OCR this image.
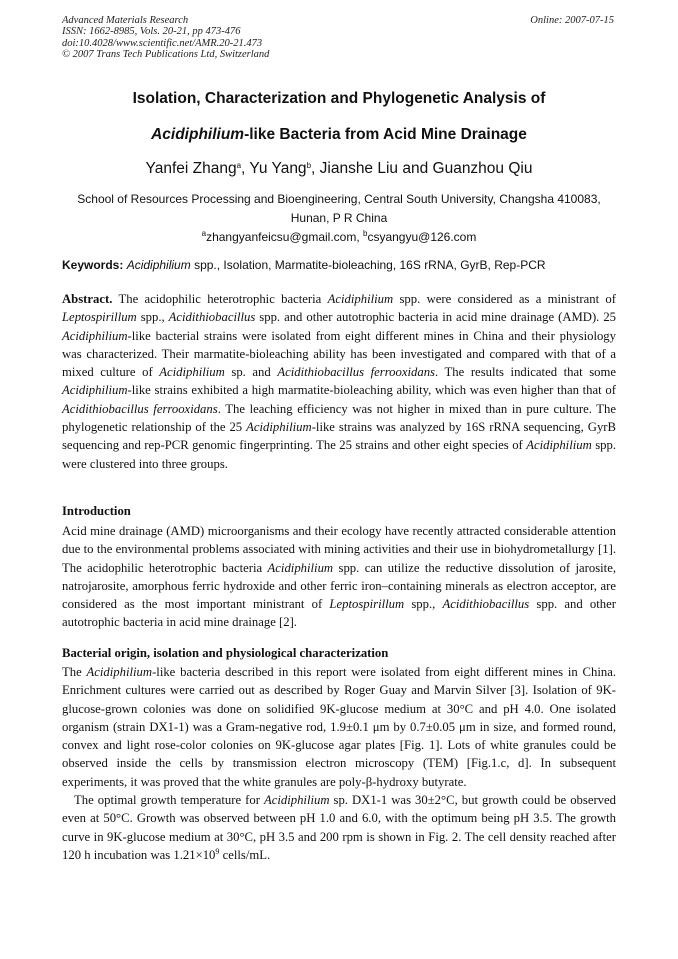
Advanced Materials Research
ISSN: 1662-8985, Vols. 20-21, pp 473-476
doi:10.4028/www.scientific.net/AMR.20-21.473
© 2007 Trans Tech Publications Ltd, Switzerland
Online: 2007-07-15
Isolation, Characterization and Phylogenetic Analysis of
Acidiphilium-like Bacteria from Acid Mine Drainage
Yanfei Zhang$^a$, Yu Yang$^b$, Jianshe Liu and Guanzhou Qiu
School of Resources Processing and Bioengineering, Central South University, Changsha 410083, Hunan, P R China
$^a$zhangyanfeicsu@gmail.com, $^b$csyangyu@126.com
Keywords: Acidiphilium spp., Isolation, Marmatite-bioleaching, 16S rRNA, GyrB, Rep-PCR

Abstract. The acidophilic heterotrophic bacteria Acidiphilium spp. were considered as a ministrant of Leptospirillum spp., Acidithiobacillus spp. and other autotrophic bacteria in acid mine drainage (AMD). 25 Acidiphilium-like bacterial strains were isolated from eight different mines in China and their physiology was characterized. Their marmatite-bioleaching ability has been investigated and compared with that of a mixed culture of Acidiphilium sp. and Acidithiobacillus ferrooxidans. The results indicated that some Acidiphilium-like strains exhibited a high marmatite-bioleaching ability, which was even higher than that of Acidithiobacillus ferrooxidans. The leaching efficiency was not higher in mixed than in pure culture. The phylogenetic relationship of the 25 Acidiphilium-like strains was analyzed by 16S rRNA sequencing, GyrB sequencing and rep-PCR genomic fingerprinting. The 25 strains and other eight species of Acidiphilium spp. were clustered into three groups.

Introduction

Acid mine drainage (AMD) microorganisms and their ecology have recently attracted considerable attention due to the environmental problems associated with mining activities and their use in biohydrometallurgy [1]. The acidophilic heterotrophic bacteria Acidiphilium spp. can utilize the reductive dissolution of jarosite, natrojarosite, amorphous ferric hydroxide and other ferric iron–containing minerals as electron acceptor, are considered as the most important ministrant of Leptospirillum spp., Acidithiobacillus spp. and other autotrophic bacteria in acid mine drainage [2].

Bacterial origin, isolation and physiological characterization

The Acidiphilium-like bacteria described in this report were isolated from eight different mines in China. Enrichment cultures were carried out as described by Roger Guay and Marvin Silver [3]. Isolation of 9K-glucose-grown colonies was done on solidified 9K-glucose medium at 30°C and pH 4.0. One isolated organism (strain DX1-1) was a Gram-negative rod, 1.9±0.1 μm by 0.7±0.05 μm in size, and formed round, convex and light rose-color colonies on 9K-glucose agar plates [Fig. 1]. Lots of white granules could be observed inside the cells by transmission electron microscopy (TEM) [Fig.1.c, d]. In subsequent experiments, it was proved that the white granules are poly-β-hydroxy butyrate.

The optimal growth temperature for Acidiphilium sp. DX1-1 was 30±2°C, but growth could be observed even at 50°C. Growth was observed between pH 1.0 and 6.0, with the optimum being pH 3.5. The growth curve in 9K-glucose medium at 30°C, pH 3.5 and 200 rpm is shown in Fig. 2. The cell density reached after 120 h incubation was $1.21\times 10^9$ cells/mL.
